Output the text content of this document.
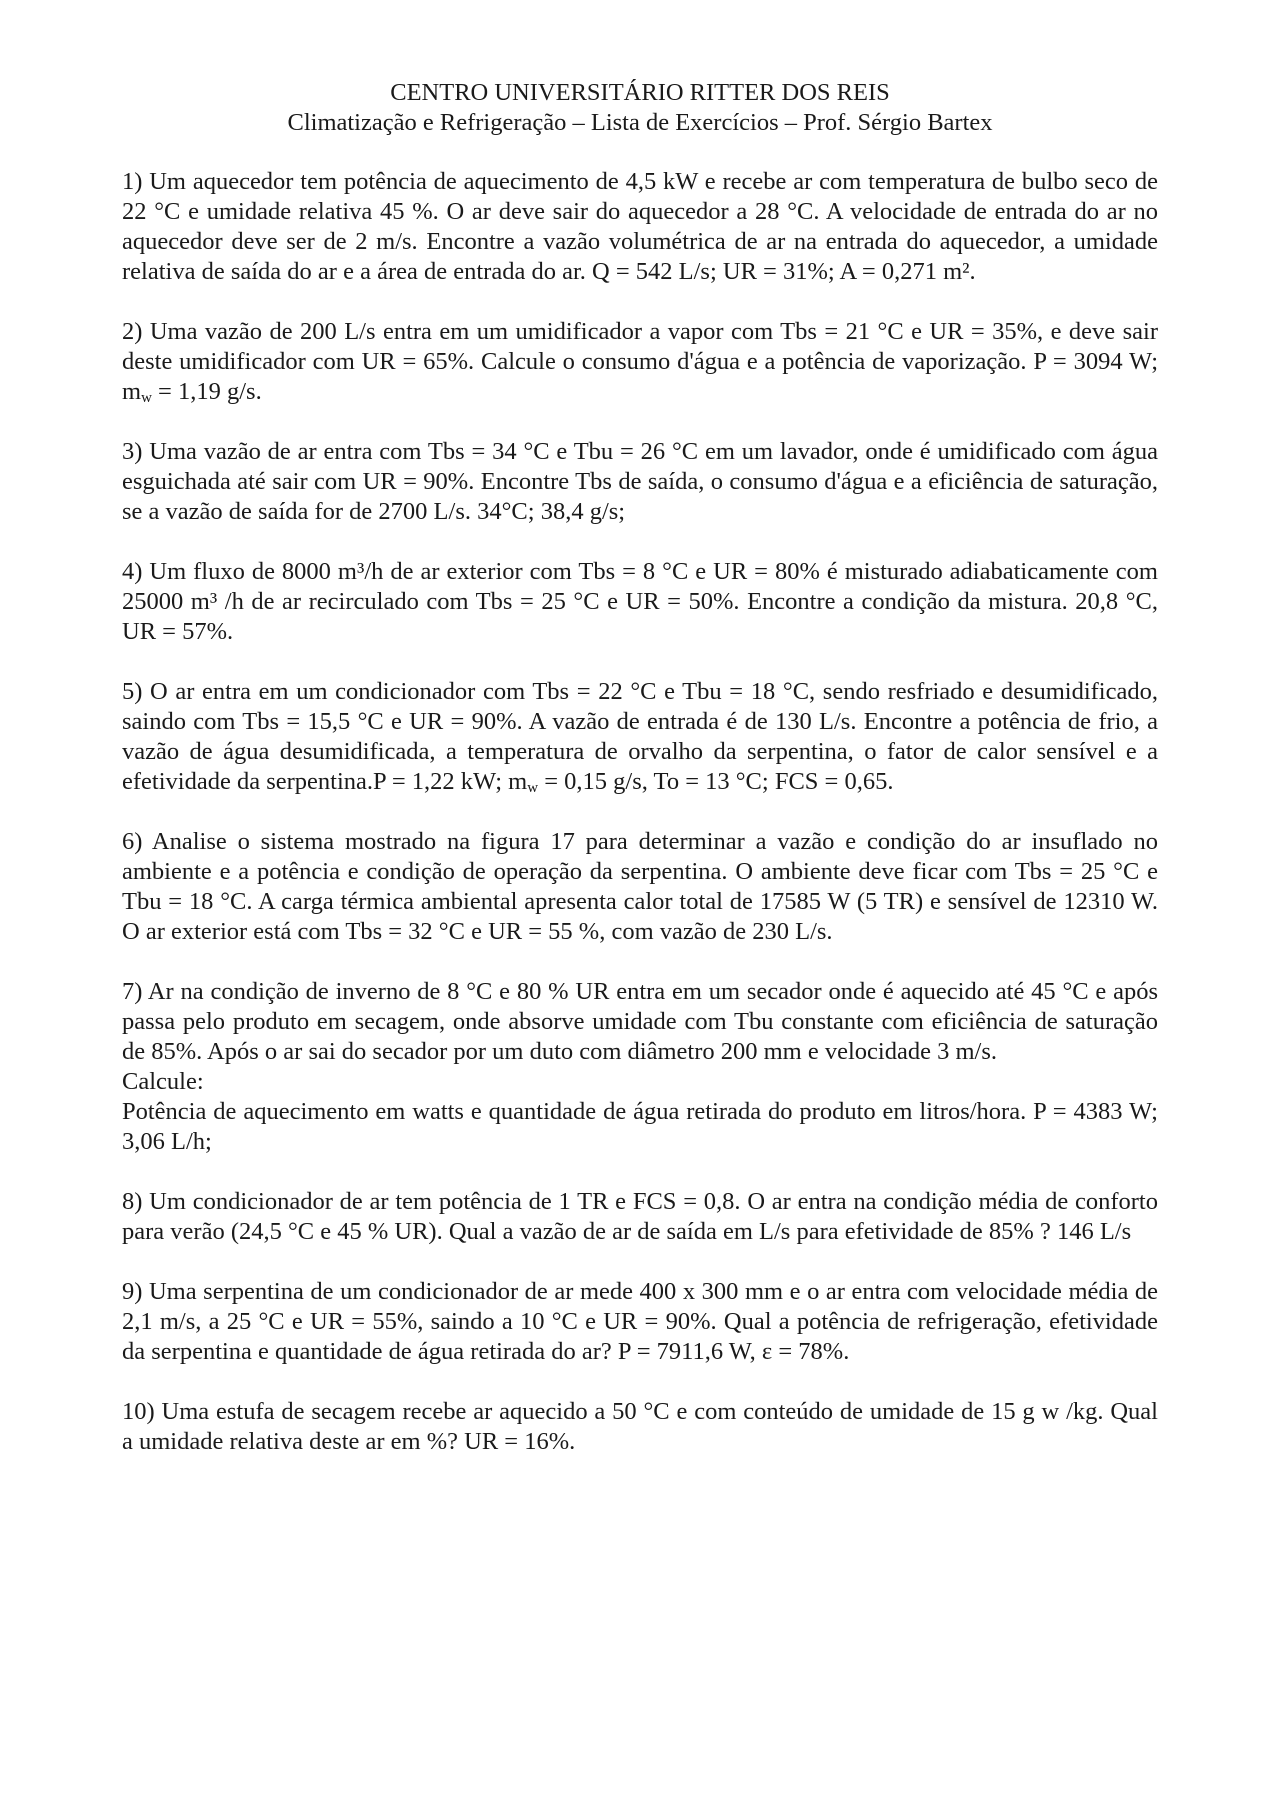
CENTRO UNIVERSITÁRIO RITTER DOS REIS
Climatização e Refrigeração – Lista de Exercícios – Prof. Sérgio Bartex

1) Um aquecedor tem potência de aquecimento de 4,5 kW e recebe ar com temperatura de bulbo seco de 22 °C e umidade relativa 45 %. O ar deve sair do aquecedor a 28 °C. A velocidade de entrada do ar no aquecedor deve ser de 2 m/s. Encontre a vazão volumétrica de ar na entrada do aquecedor, a umidade relativa de saída do ar e a área de entrada do ar. Q = 542 L/s; UR = 31%; A = 0,271 m².

2) Uma vazão de 200 L/s entra em um umidificador a vapor com Tbs = 21 °C e UR = 35%, e deve sair deste umidificador com UR = 65%. Calcule o consumo d'água e a potência de vaporização. P = 3094 W; $m_w = 1,19$ g/s.

3) Uma vazão de ar entra com Tbs = 34 °C e Tbu = 26 °C em um lavador, onde é umidificado com água esguichada até sair com UR = 90%. Encontre Tbs de saída, o consumo d'água e a eficiência de saturação, se a vazão de saída for de 2700 L/s. 34°C; 38,4 g/s;

4) Um fluxo de 8000 m³/h de ar exterior com Tbs = 8 °C e UR = 80% é misturado adiabaticamente com 25000 m³ /h de ar recirculado com Tbs = 25 °C e UR = 50%. Encontre a condição da mistura. 20,8 °C, UR = 57%.

5) O ar entra em um condicionador com Tbs = 22 °C e Tbu = 18 °C, sendo resfriado e desumidificado, saindo com Tbs = 15,5 °C e UR = 90%. A vazão de entrada é de 130 L/s. Encontre a potência de frio, a vazão de água desumidificada, a temperatura de orvalho da serpentina, o fator de calor sensível e a efetividade da serpentina.P = 1,22 kW; $m_w = 0,15$ g/s, To = 13 °C; FCS = 0,65.

6) Analise o sistema mostrado na figura 17 para determinar a vazão e condição do ar insuflado no ambiente e a potência e condição de operação da serpentina. O ambiente deve ficar com Tbs = 25 °C e Tbu = 18 °C. A carga térmica ambiental apresenta calor total de 17585 W (5 TR) e sensível de 12310 W. O ar exterior está com Tbs = 32 °C e UR = 55 %, com vazão de 230 L/s.

7) Ar na condição de inverno de 8 °C e 80 % UR entra em um secador onde é aquecido até 45 °C e após passa pelo produto em secagem, onde absorve umidade com Tbu constante com eficiência de saturação de 85%. Após o ar sai do secador por um duto com diâmetro 200 mm e velocidade 3 m/s.
Calcule:
Potência de aquecimento em watts e quantidade de água retirada do produto em litros/hora. P = 4383 W; 3,06 L/h;

8) Um condicionador de ar tem potência de 1 TR e FCS = 0,8. O ar entra na condição média de conforto para verão (24,5 °C e 45 % UR). Qual a vazão de ar de saída em L/s para efetividade de 85% ? 146 L/s

9) Uma serpentina de um condicionador de ar mede 400 x 300 mm e o ar entra com velocidade média de 2,1 m/s, a 25 °C e UR = 55%, saindo a 10 °C e UR = 90%. Qual a potência de refrigeração, efetividade da serpentina e quantidade de água retirada do ar? P = 7911,6 W, ε = 78%.

10) Uma estufa de secagem recebe ar aquecido a 50 °C e com conteúdo de umidade de 15 g w /kg. Qual a umidade relativa deste ar em %? UR = 16%.
